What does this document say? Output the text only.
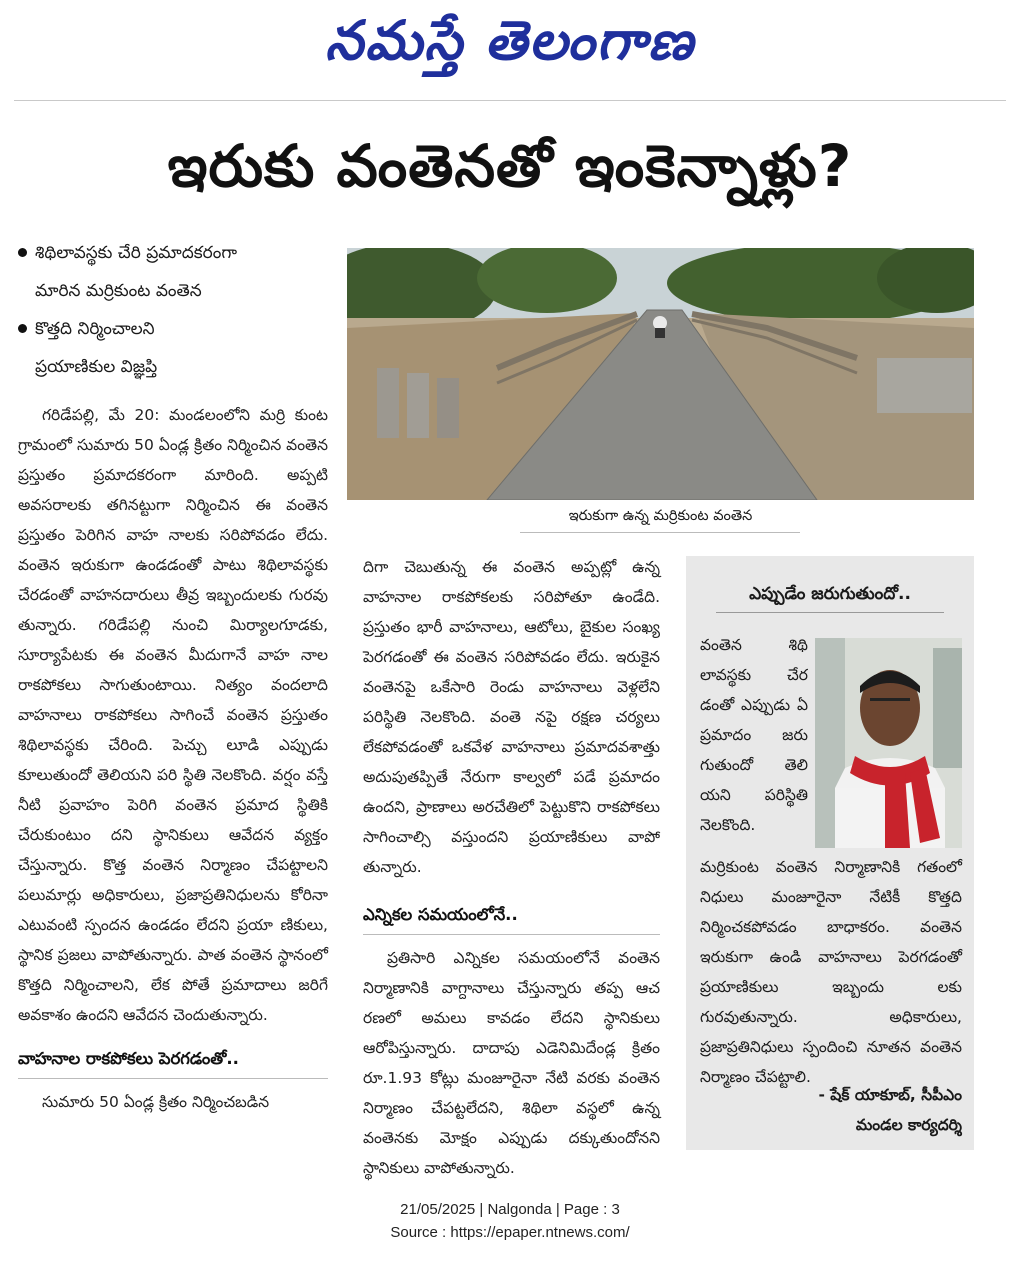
నమస్తే తెలంగాణ
ఇరుకు వంతెనతో ఇంకెన్నాళ్లు?
శిథిలావస్థకు చేరి ప్రమాదకరంగా
మారిన మర్రికుంట వంతెన
కొత్తది నిర్మించాలని
ప్రయాణికుల విజ్ఞప్తి

గరిడేపల్లి, మే 20: మండలంలోని మర్రి కుంట గ్రామంలో సుమారు 50 ఏండ్ల క్రితం నిర్మించిన వంతెన ప్రస్తుతం ప్రమాదకరంగా మారింది. అప్పటి అవసరాలకు తగినట్టుగా నిర్మించిన ఈ వంతెన ప్రస్తుతం పెరిగిన వాహ నాలకు సరిపోవడం లేదు. వంతెన ఇరుకుగా ఉండడంతో పాటు శిథిలావస్థకు చేరడంతో వాహనదారులు తీవ్ర ఇబ్బందులకు గురవు తున్నారు. గరిడేపల్లి నుంచి మిర్యాలగూడకు, సూర్యాపేటకు ఈ వంతెన మీదుగానే వాహ నాల రాకపోకలు సాగుతుంటాయి. నిత్యం వందలాది వాహనాలు రాకపోకలు సాగించే వంతెన ప్రస్తుతం శిథిలావస్థకు చేరింది. పెచ్చు లూడి ఎప్పుడు కూలుతుందో తెలియని పరి స్థితి నెలకొంది. వర్షం వస్తే నీటి ప్రవాహం పెరిగి వంతెన ప్రమాద స్థితికి చేరుకుంటుం దని స్థానికులు ఆవేదన వ్యక్తం చేస్తున్నారు. కొత్త వంతెన నిర్మాణం చేపట్టాలని పలుమార్లు అధికారులు, ప్రజాప్రతినిధులను కోరినా ఎటువంటి స్పందన ఉండడం లేదని ప్రయా ణికులు, స్థానిక ప్రజలు వాపోతున్నారు. పాత వంతెన స్థానంలో కొత్తది నిర్మించాలని, లేక పోతే ప్రమాదాలు జరిగే అవకాశం ఉందని ఆవేదన చెందుతున్నారు.

వాహనాల రాకపోకలు పెరగడంతో..

సుమారు 50 ఏండ్ల క్రితం నిర్మించబడిన

ఇరుకుగా ఉన్న మర్రికుంట వంతెన

దిగా చెబుతున్న ఈ వంతెన అప్పట్లో ఉన్న వాహనాల రాకపోకలకు సరిపోతూ ఉండేది. ప్రస్తుతం భారీ వాహనాలు, ఆటోలు, బైకుల సంఖ్య పెరగడంతో ఈ వంతెన సరిపోవడం లేదు. ఇరుకైన వంతెనపై ఒకేసారి రెండు వాహనాలు వెళ్లలేని పరిస్థితి నెలకొంది. వంతె నపై రక్షణ చర్యలు లేకపోవడంతో ఒకవేళ వాహనాలు ప్రమాదవశాత్తు అదుపుతప్పితే నేరుగా కాల్వలో పడే ప్రమాదం ఉందని, ప్రాణాలు అరచేతిలో పెట్టుకొని రాకపోకలు సాగించాల్సి వస్తుందని ప్రయాణికులు వాపో తున్నారు.

ఎన్నికల సమయంలోనే..

ప్రతిసారి ఎన్నికల సమయంలోనే వంతెన నిర్మాణానికి వాగ్దానాలు చేస్తున్నారు తప్ప ఆచ రణలో అమలు కావడం లేదని స్థానికులు ఆరోపిస్తున్నారు. దాదాపు ఎడెనిమిదేండ్ల క్రితం రూ.1.93 కోట్లు మంజూరైనా నేటి వరకు వంతెన నిర్మాణం చేపట్టలేదని, శిథిలా వస్థలో ఉన్న వంతెనకు మోక్షం ఎప్పుడు దక్కుతుందోనని స్థానికులు వాపోతున్నారు.

ఎప్పుడేం జరుగుతుందో..
వంతెన శిథి లావస్థకు చేర డంతో ఎప్పుడు ఏ ప్రమాదం జరు గుతుందో తెలి యని పరిస్థితి నెలకొంది.
మర్రికుంట వంతెన నిర్మాణానికి గతంలో నిధులు మంజూరైనా నేటికీ కొత్తది నిర్మించకపోవడం బాధాకరం. వంతెన ఇరుకుగా ఉండి వాహనాలు పెరగడంతో ప్రయాణికులు ఇబ్బందు లకు గురవుతున్నారు. అధికారులు, ప్రజాప్రతినిధులు స్పందించి నూతన వంతెన నిర్మాణం చేపట్టాలి.
- షేక్ యాకూబ్, సీపీఎం
మండల కార్యదర్శి
21/05/2025 | Nalgonda | Page : 3
Source : https://epaper.ntnews.com/
